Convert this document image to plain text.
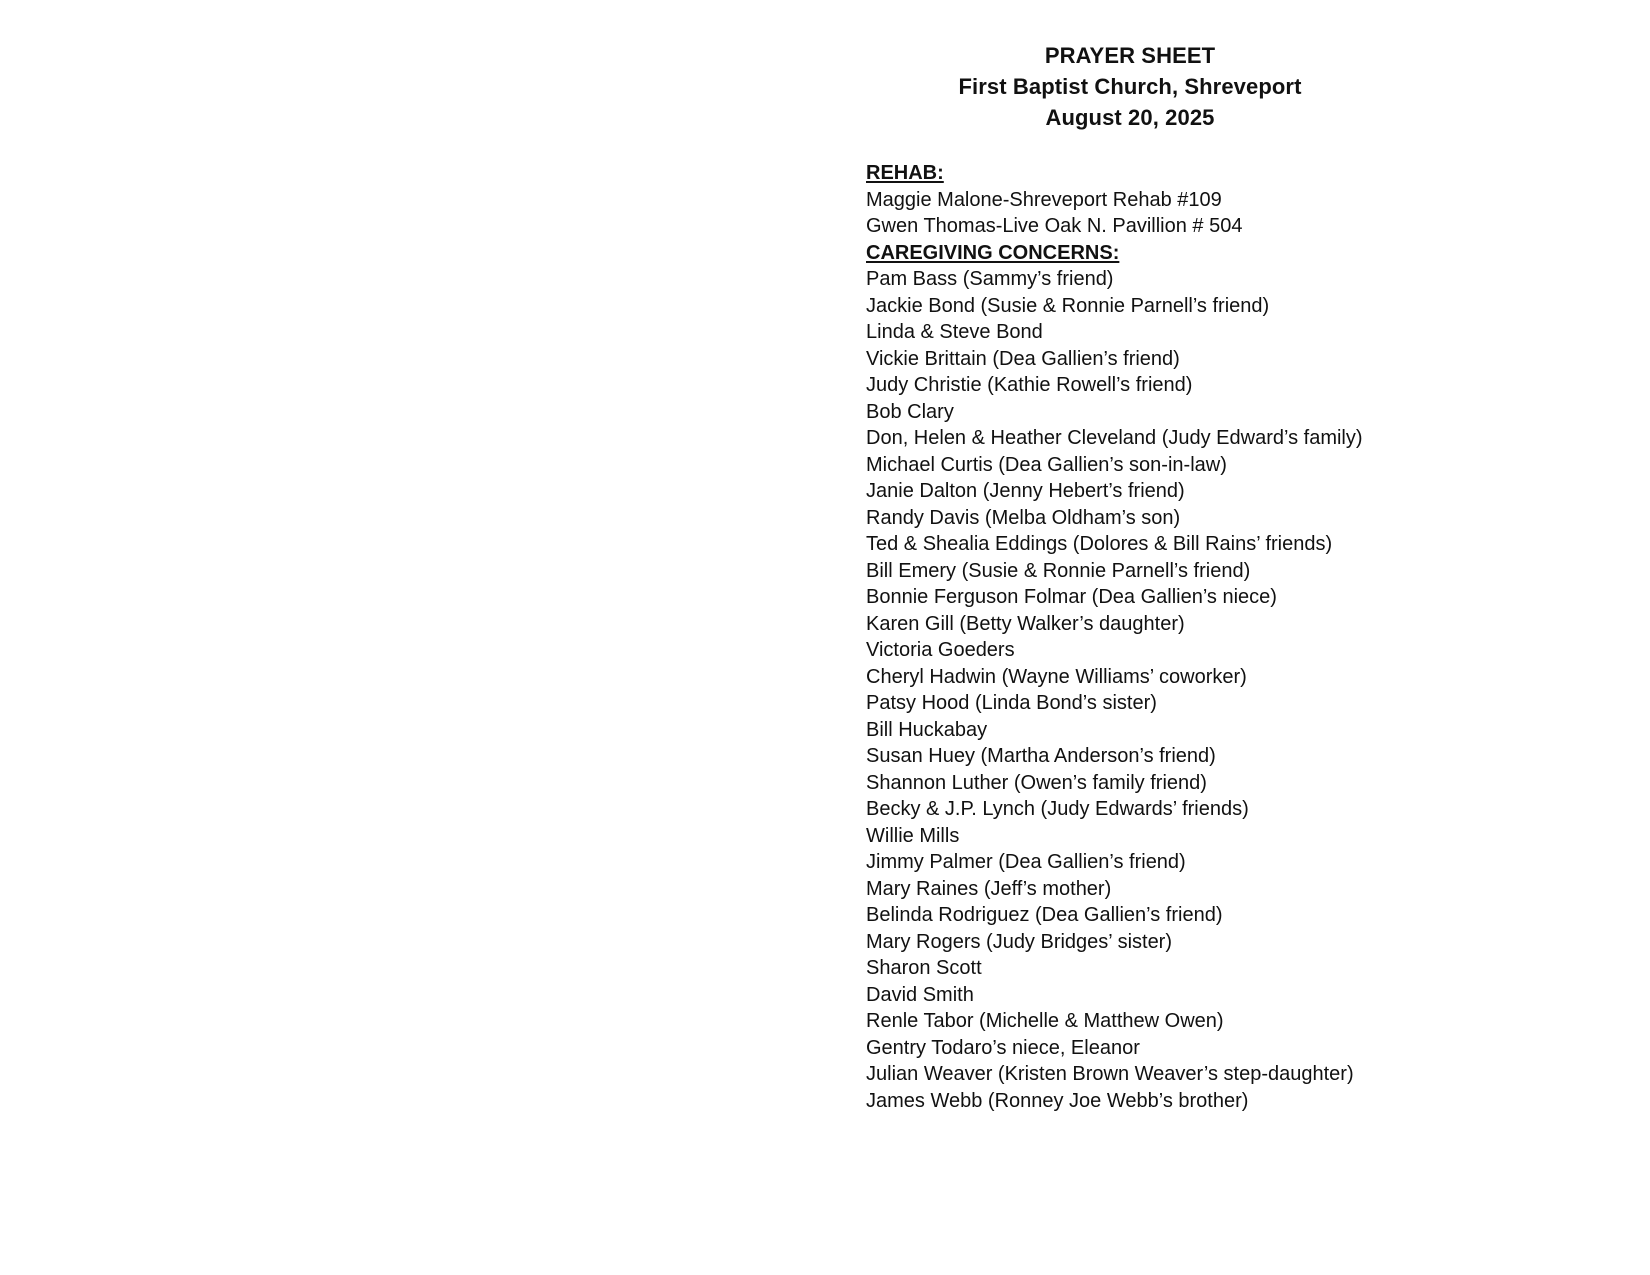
PRAYER SHEET
First Baptist Church, Shreveport
August 20, 2025
REHAB:
Maggie Malone-Shreveport Rehab #109
Gwen Thomas-Live Oak N. Pavillion # 504
CAREGIVING CONCERNS:
Pam Bass (Sammy’s friend)
Jackie Bond (Susie & Ronnie Parnell’s friend)
Linda & Steve Bond
Vickie Brittain (Dea Gallien’s friend)
Judy Christie (Kathie Rowell’s friend)
Bob Clary
Don, Helen & Heather Cleveland (Judy Edward’s family)
Michael Curtis (Dea Gallien’s son-in-law)
Janie Dalton (Jenny Hebert’s friend)
Randy Davis (Melba Oldham’s son)
Ted & Shealia Eddings (Dolores & Bill Rains’ friends)
Bill Emery (Susie & Ronnie Parnell’s friend)
Bonnie Ferguson Folmar (Dea Gallien’s niece)
Karen Gill (Betty Walker’s daughter)
Victoria Goeders
Cheryl Hadwin (Wayne Williams’ coworker)
Patsy Hood (Linda Bond’s sister)
Bill Huckabay
Susan Huey (Martha Anderson’s friend)
Shannon Luther (Owen’s family friend)
Becky & J.P. Lynch (Judy Edwards’ friends)
Willie Mills
Jimmy Palmer (Dea Gallien’s friend)
Mary Raines (Jeff’s mother)
Belinda Rodriguez (Dea Gallien’s friend)
Mary Rogers (Judy Bridges’ sister)
Sharon Scott
David Smith
Renle Tabor (Michelle & Matthew Owen)
Gentry Todaro’s niece, Eleanor
Julian Weaver (Kristen Brown Weaver’s step-daughter)
James Webb (Ronney Joe Webb’s brother)
